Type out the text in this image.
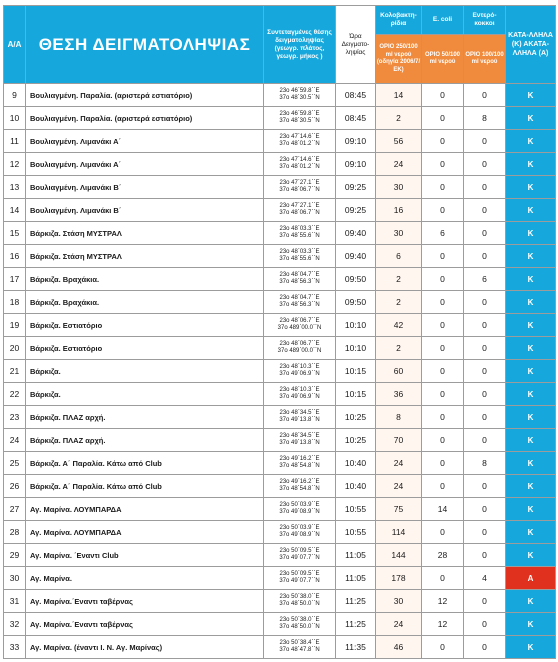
Α/Α	ΘΕΣΗ ΔΕΙΓΜΑΤΟΛΗΨΙΑΣ	Συντεταγμένες θέσης δειγματοληψίας (γεωγρ. πλάτος, γεωγρ. μήκος )	Ώρα Δειγματο-ληψίας	Κολοβακτη-ρίδια	E. coli	Εντερό-κοκκοι	ΚΑΤΑ-ΛΛΗΛΑ (Κ) ΑΚΑΤΑ-ΛΛΗΛΑ (Α)
				ΟΡΙΟ 250/100 ml νερού (οδηγία 2006/7/ ΕΚ)	ΟΡΙΟ 50/100 ml νερού	ΟΡΙΟ 100/100 ml νερού	
9	Βουλιαγμένη. Παραλία. (αριστερά εστιατόριο)	23o 46΄59.8΄΄E
37o 48΄30.5΄΄N	08:45	14	0	0	Κ
10	Βουλιαγμένη. Παραλία. (αριστερά εστιατόριο)	23o 46΄59.8΄΄E
37o 48΄30.5΄΄N	08:45	2	0	8	Κ
11	Βουλιαγμένη. Λιμανάκι Α΄	23o 47΄14.6΄΄E
37o 48΄01.2΄΄N	09:10	56	0	0	Κ
12	Βουλιαγμένη. Λιμανάκι Α΄	23o 47΄14.6΄΄E
37o 48΄01.2΄΄N	09:10	24	0	0	Κ
13	Βουλιαγμένη. Λιμανάκι Β΄	23o 47΄27.1΄΄E
37o 48΄06.7΄΄N	09:25	30	0	0	Κ
14	Βουλιαγμένη. Λιμανάκι Β΄	23o 47΄27.1΄΄E
37o 48΄06.7΄΄N	09:25	16	0	0	Κ
15	Βάρκιζα. Στάση ΜΥΣΤΡΑΛ	23o 48΄03.3΄΄E
37o 48΄55.6΄΄N	09:40	30	6	0	Κ
16	Βάρκιζα. Στάση ΜΥΣΤΡΑΛ	23o 48΄03.3΄΄E
37o 48΄55.6΄΄N	09:40	6	0	0	Κ
17	Βάρκιζα. Βραχάκια.	23o 48΄04.7΄΄E
37o 48΄56.3΄΄N	09:50	2	0	6	Κ
18	Βάρκιζα. Βραχάκια.	23o 48΄04.7΄΄E
37o 48΄56.3΄΄N	09:50	2	0	0	Κ
19	Βάρκιζα. Εστιατόριο	23o 48΄06.7΄΄E
37o 489΄00.0΄΄N	10:10	42	0	0	Κ
20	Βάρκιζα. Εστιατόριο	23o 48΄06.7΄΄E
37o 489΄00.0΄΄N	10:10	2	0	0	Κ
21	Βάρκιζα.	23o 48΄10.3΄΄E
37o 49΄06.9΄΄N	10:15	60	0	0	Κ
22	Βάρκιζα.	23o 48΄10.3΄΄E
37o 49΄06.9΄΄N	10:15	36	0	0	Κ
23	Βάρκιζα. ΠΛΑΖ αρχή.	23o 48΄34.5΄΄E
37o 49΄13.8΄΄N	10:25	8	0	0	Κ
24	Βάρκιζα. ΠΛΑΖ αρχή.	23o 48΄34.5΄΄E
37o 49΄13.8΄΄N	10:25	70	0	0	Κ
25	Βάρκιζα. Α΄ Παραλία. Κάτω από Club	23o 49΄16.2΄΄E
37o 48΄54.8΄΄N	10:40	24	0	8	Κ
26	Βάρκιζα. Α΄ Παραλία. Κάτω από Club	23o 49΄16.2΄΄E
37o 48΄54.8΄΄N	10:40	24	0	0	Κ
27	Αγ. Μαρίνα. ΛΟΥΜΠΑΡΔΑ	23o 50΄03.9΄΄E
37o 49΄08.9΄΄N	10:55	75	14	0	Κ
28	Αγ. Μαρίνα. ΛΟΥΜΠΑΡΔΑ	23o 50΄03.9΄΄E
37o 49΄08.9΄΄N	10:55	114	0	0	Κ
29	Αγ. Μαρίνα. ΄Εναντι Club	23o 50΄09.5΄΄E
37o 49΄07.7΄΄N	11:05	144	28	0	Κ
30	Αγ. Μαρίνα.	23o 50΄09.5΄΄E
37o 49΄07.7΄΄N	11:05	178	0	4	Α
31	Αγ. Μαρίνα.΄Εναντι ταβέρνας	23o 50΄38.0΄΄E
37o 48΄50.0΄΄N	11:25	30	12	0	Κ
32	Αγ. Μαρίνα.΄Εναντι ταβέρνας	23o 50΄38.0΄΄E
37o 48΄50.0΄΄N	11:25	24	12	0	Κ
33	Αγ. Μαρίνα. (έναντι Ι. Ν. Αγ. Μαρίνας)	23o 50΄38.4΄΄E
37o 48΄47.8΄΄N	11:35	46	0	0	Κ
